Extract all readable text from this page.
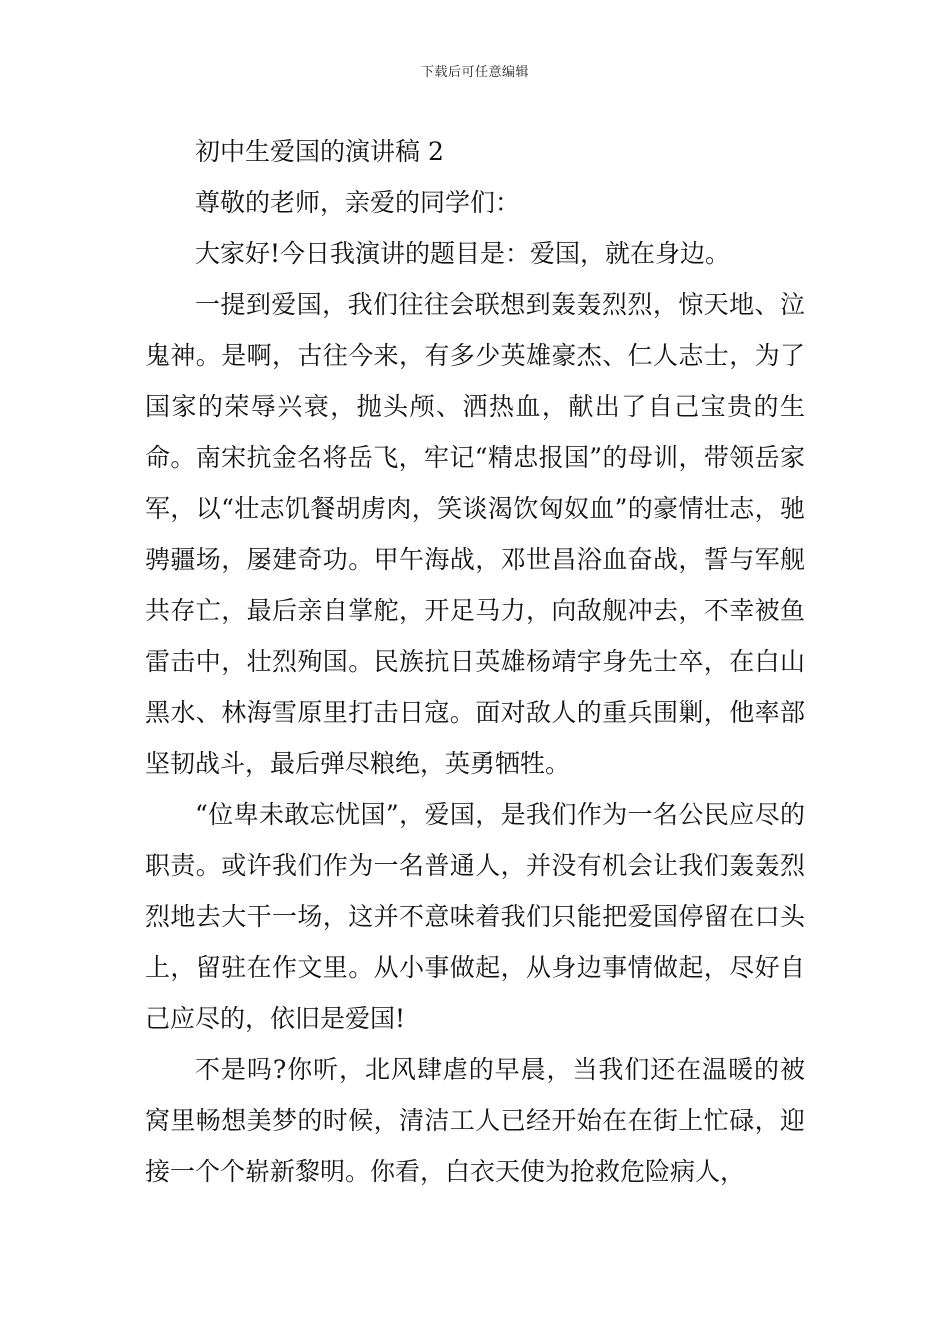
下载后可任意编辑

初中生爱国的演讲稿 2

尊敬的老师，亲爱的同学们：

大家好!今日我演讲的题目是：爱国，就在身边。

一提到爱国，我们往往会联想到轰轰烈烈，惊天地、泣鬼神。是啊，古往今来，有多少英雄豪杰、仁人志士，为了国家的荣辱兴衰，抛头颅、洒热血，献出了自己宝贵的生命。南宋抗金名将岳飞，牢记“精忠报国”的母训，带领岳家军，以“壮志饥餐胡虏肉，笑谈渴饮匈奴血”的豪情壮志，驰骋疆场，屡建奇功。甲午海战，邓世昌浴血奋战，誓与军舰共存亡，最后亲自掌舵，开足马力，向敌舰冲去，不幸被鱼雷击中，壮烈殉国。民族抗日英雄杨靖宇身先士卒，在白山黑水、林海雪原里打击日寇。面对敌人的重兵围剿，他率部坚韧战斗，最后弹尽粮绝，英勇牺牲。

“位卑未敢忘忧国”，爱国，是我们作为一名公民应尽的职责。或许我们作为一名普通人，并没有机会让我们轰轰烈烈地去大干一场，这并不意味着我们只能把爱国停留在口头上，留驻在作文里。从小事做起，从身边事情做起，尽好自己应尽的，依旧是爱国!

不是吗?你听，北风肆虐的早晨，当我们还在温暖的被窝里畅想美梦的时候，清洁工人已经开始在在街上忙碌，迎接一个个崭新黎明。你看，白衣天使为抢救危险病人，
